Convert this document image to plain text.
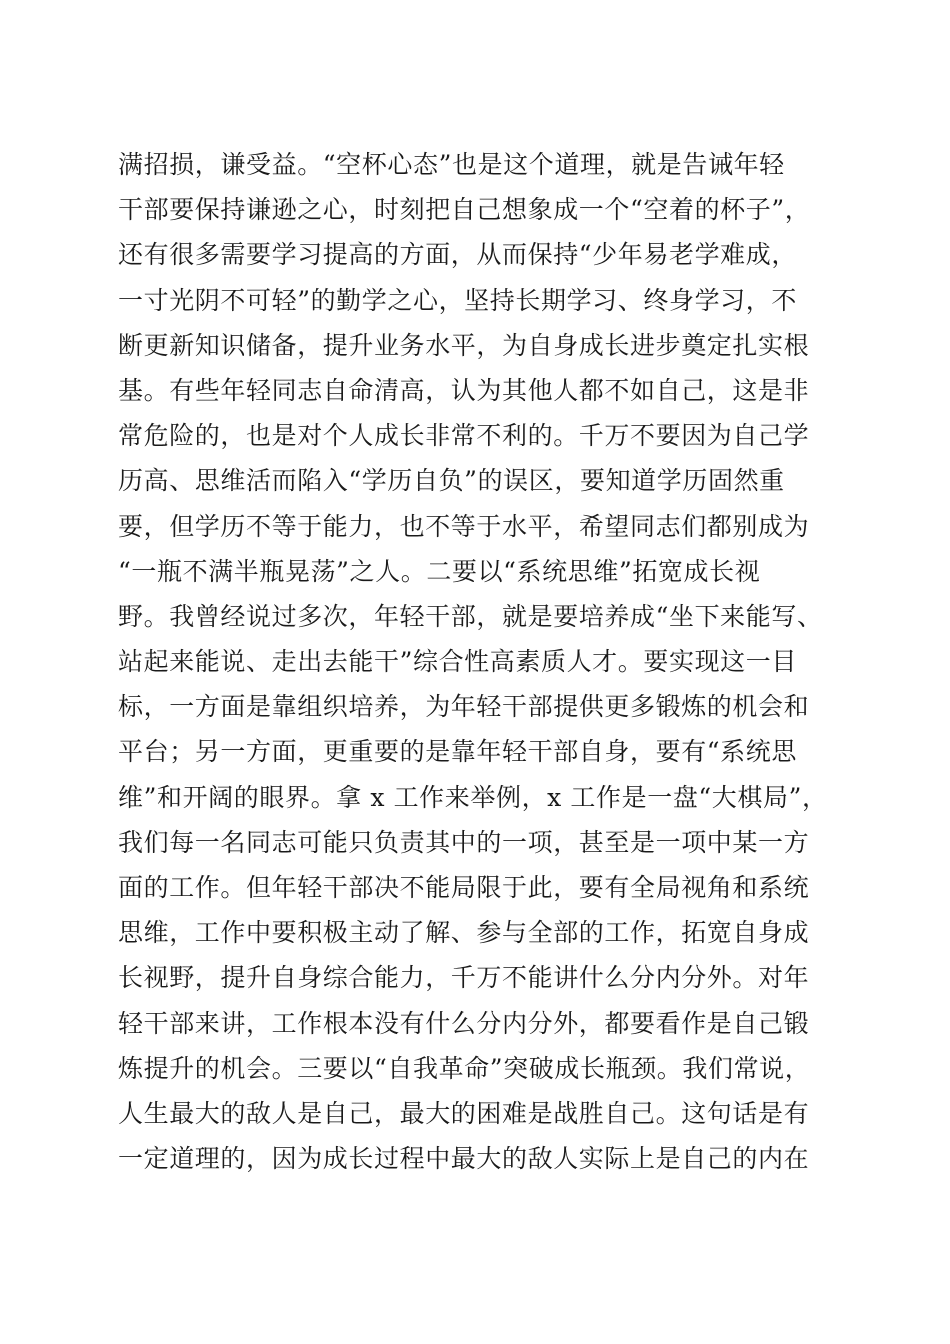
满招损，谦受益。“空杯心态”也是这个道理，就是告诫年轻
干部要保持谦逊之心，时刻把自己想象成一个“空着的杯子”，
还有很多需要学习提高的方面，从而保持“少年易老学难成，
一寸光阴不可轻”的勤学之心，坚持长期学习、终身学习，不
断更新知识储备，提升业务水平，为自身成长进步奠定扎实根
基。有些年轻同志自命清高，认为其他人都不如自己，这是非
常危险的，也是对个人成长非常不利的。千万不要因为自己学
历高、思维活而陷入“学历自负”的误区，要知道学历固然重
要，但学历不等于能力，也不等于水平，希望同志们都别成为
“一瓶不满半瓶晃荡”之人。二要以“系统思维”拓宽成长视
野。我曾经说过多次，年轻干部，就是要培养成“坐下来能写、
站起来能说、走出去能干”综合性高素质人才。要实现这一目
标，一方面是靠组织培养，为年轻干部提供更多锻炼的机会和
平台；另一方面，更重要的是靠年轻干部自身，要有“系统思
维”和开阔的眼界。拿 x 工作来举例，x 工作是一盘“大棋局”，
我们每一名同志可能只负责其中的一项，甚至是一项中某一方
面的工作。但年轻干部决不能局限于此，要有全局视角和系统
思维，工作中要积极主动了解、参与全部的工作，拓宽自身成
长视野，提升自身综合能力，千万不能讲什么分内分外。对年
轻干部来讲，工作根本没有什么分内分外，都要看作是自己锻
炼提升的机会。三要以“自我革命”突破成长瓶颈。我们常说，
人生最大的敌人是自己，最大的困难是战胜自己。这句话是有
一定道理的，因为成长过程中最大的敌人实际上是自己的内在
